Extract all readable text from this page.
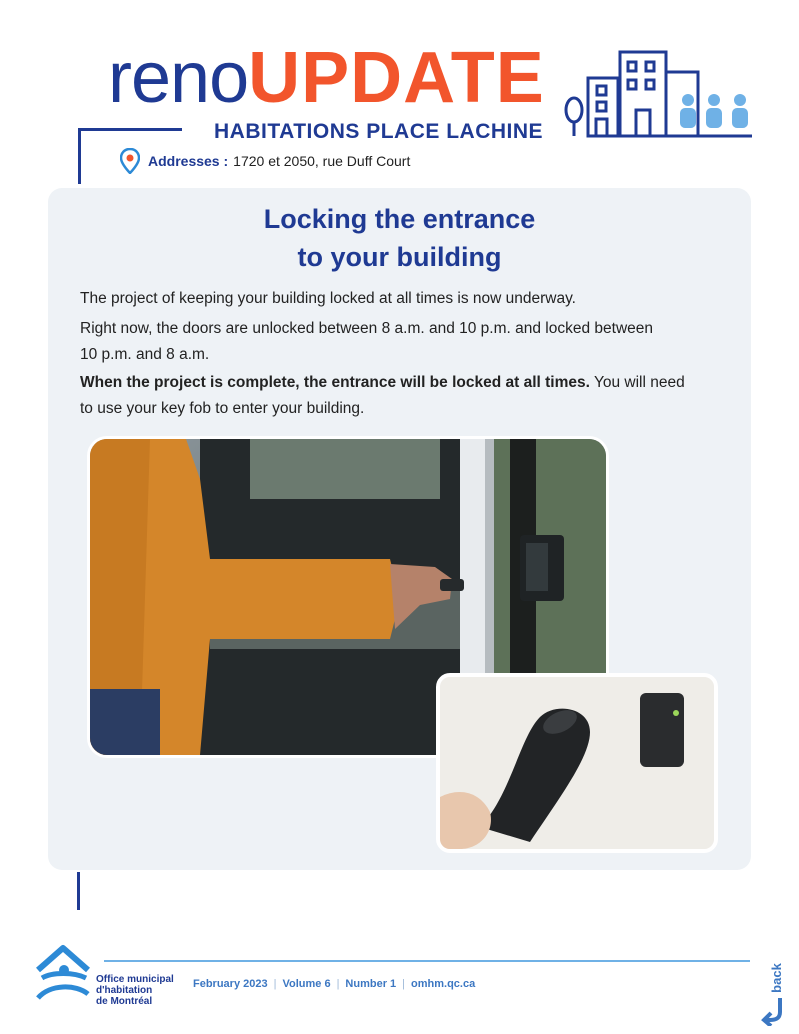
renoUPDATE
HABITATIONS PLACE LACHINE
Addresses : 1720 et 2050, rue Duff Court
Locking the entrance
to your building
The project of keeping your building locked at all times is now underway.
Right now, the doors are unlocked between 8 a.m. and 10 p.m. and locked between
10 p.m. and 8 a.m.
When the project is complete, the entrance will be locked at all times. You will need
to use your key fob to enter your building.
Office municipal
d'habitation
de Montréal
February 2023 | Volume 6 | Number 1 | omhm.qc.ca	back
